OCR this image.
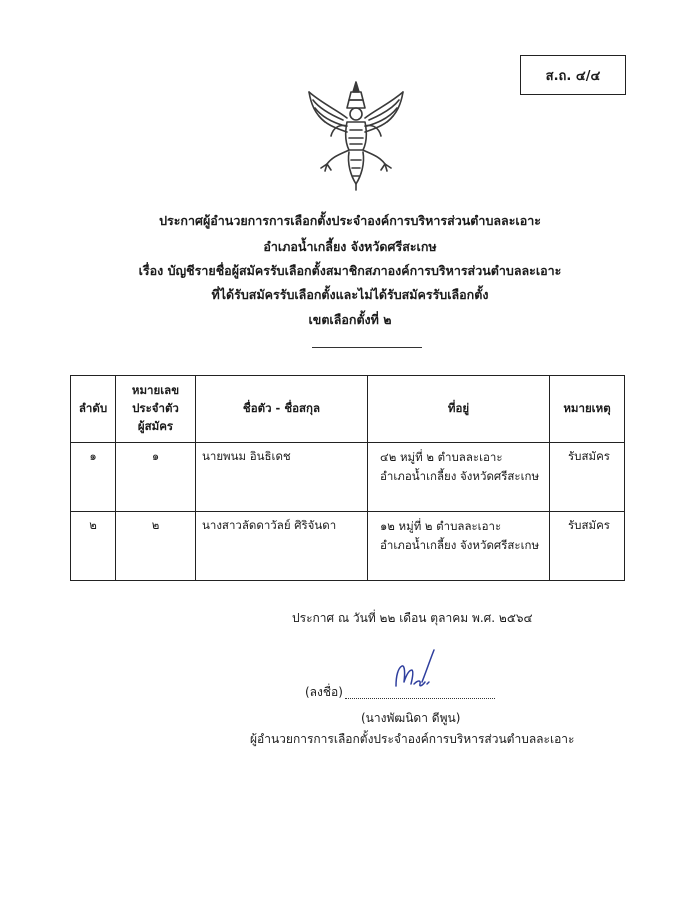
ส.ถ. ๔/๔
ประกาศผู้อำนวยการการเลือกตั้งประจำองค์การบริหารส่วนตำบลละเอาะ
อำเภอน้ำเกลี้ยง จังหวัดศรีสะเกษ
เรื่อง บัญชีรายชื่อผู้สมัครรับเลือกตั้งสมาชิกสภาองค์การบริหารส่วนตำบลละเอาะ
ที่ได้รับสมัครรับเลือกตั้งและไม่ได้รับสมัครรับเลือกตั้ง
เขตเลือกตั้งที่ ๒
ลำดับ	หมายเลข
ประจำตัว
ผู้สมัคร	ชื่อตัว - ชื่อสกุล	ที่อยู่	หมายเหตุ
๑	๑	นายพนม อินธิเดช	๔๒ หมู่ที่ ๒ ตำบลละเอาะ
อำเภอน้ำเกลี้ยง จังหวัดศรีสะเกษ	รับสมัคร
๒	๒	นางสาวลัดดาวัลย์ ศิริจันดา	๑๒ หมู่ที่ ๒ ตำบลละเอาะ
อำเภอน้ำเกลี้ยง จังหวัดศรีสะเกษ	รับสมัคร
ประกาศ ณ วันที่ ๒๒ เดือน ตุลาคม พ.ศ. ๒๕๖๔
(ลงชื่อ)
(นางพัฒนิดา ดีพูน)
ผู้อำนวยการการเลือกตั้งประจำองค์การบริหารส่วนตำบลละเอาะ
